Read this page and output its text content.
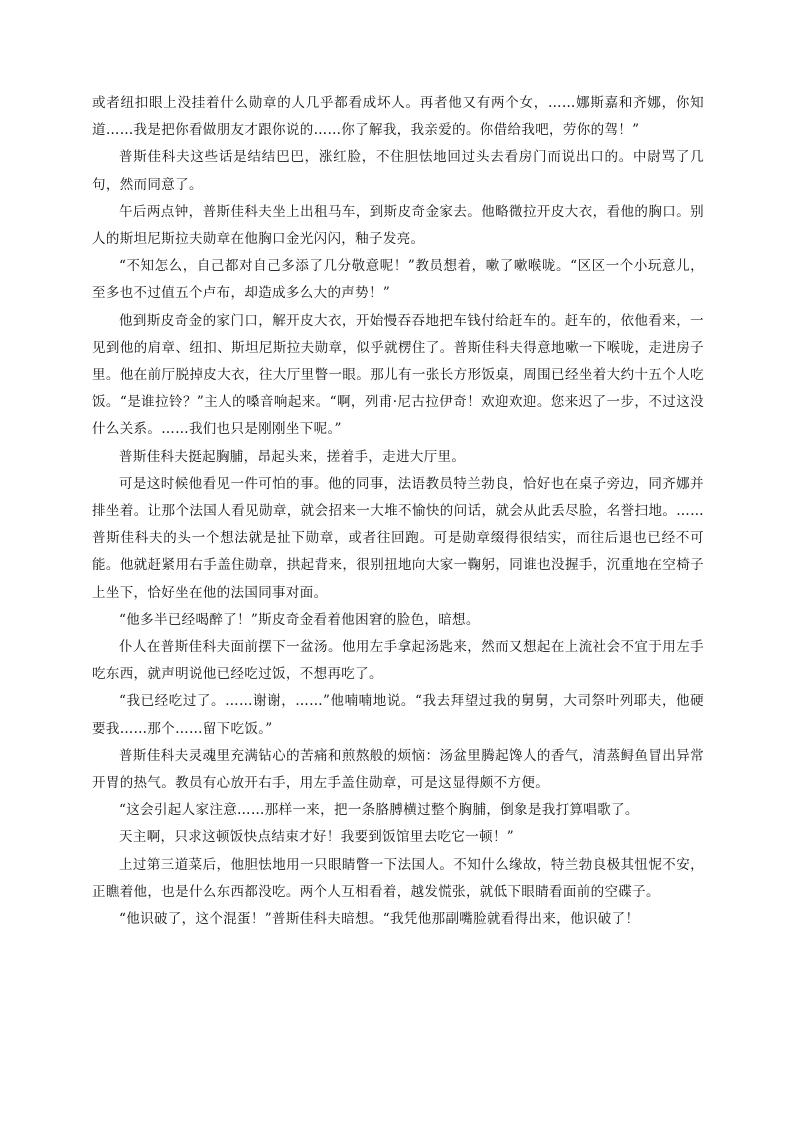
或者纽扣眼上没挂着什么勋章的人几乎都看成坏人。再者他又有两个女，……娜斯嘉和齐娜，你知道……我是把你看做朋友才跟你说的……你了解我，我亲爱的。你借给我吧，劳你的驾！”

普斯佳科夫这些话是结结巴巴，涨红脸，不住胆怯地回过头去看房门而说出口的。中尉骂了几句，然而同意了。

午后两点钟，普斯佳科夫坐上出租马车，到斯皮奇金家去。他略微拉开皮大衣，看他的胸口。别人的斯坦尼斯拉夫勋章在他胸口金光闪闪，釉子发亮。

“不知怎么，自己都对自己多添了几分敬意呢！”教员想着，嗽了嗽喉咙。“区区一个小玩意儿，至多也不过值五个卢布，却造成多么大的声势！”

他到斯皮奇金的家门口，解开皮大衣，开始慢吞吞地把车钱付给赶车的。赶车的，依他看来，一见到他的肩章、纽扣、斯坦尼斯拉夫勋章，似乎就楞住了。普斯佳科夫得意地嗽一下喉咙，走进房子里。他在前厅脱掉皮大衣，往大厅里瞥一眼。那儿有一张长方形饭桌，周围已经坐着大约十五个人吃饭。“是谁拉铃？”主人的嗓音响起来。“啊，列甫·尼古拉伊奇！欢迎欢迎。您来迟了一步，不过这没什么关系。……我们也只是刚刚坐下呢。”

普斯佳科夫挺起胸脯，昂起头来，搓着手，走进大厅里。

可是这时候他看见一件可怕的事。他的同事，法语教员特兰勃良，恰好也在桌子旁边，同齐娜并排坐着。让那个法国人看见勋章，就会招来一大堆不愉快的问话，就会从此丢尽脸，名誉扫地。……普斯佳科夫的头一个想法就是扯下勋章，或者往回跑。可是勋章缀得很结实，而往后退也已经不可能。他就赶紧用右手盖住勋章，拱起背来，很别扭地向大家一鞠躬，同谁也没握手，沉重地在空椅子上坐下，恰好坐在他的法国同事对面。

“他多半已经喝醉了！”斯皮奇金看着他困窘的脸色，暗想。

仆人在普斯佳科夫面前摆下一盆汤。他用左手拿起汤匙来，然而又想起在上流社会不宜于用左手吃东西，就声明说他已经吃过饭，不想再吃了。

“我已经吃过了。……谢谢，……”他喃喃地说。“我去拜望过我的舅舅，大司祭叶列耶夫，他硬要我……那个……留下吃饭。”

普斯佳科夫灵魂里充满钻心的苦痛和煎熬般的烦恼：汤盆里腾起馋人的香气，清蒸鲟鱼冒出异常开胃的热气。教员有心放开右手，用左手盖住勋章，可是这显得颇不方便。

“这会引起人家注意……那样一来，把一条胳膊横过整个胸脯，倒象是我打算唱歌了。

天主啊，只求这顿饭快点结束才好！我要到饭馆里去吃它一顿！”

上过第三道菜后，他胆怯地用一只眼睛瞥一下法国人。不知什么缘故，特兰勃良极其忸怩不安，正瞧着他，也是什么东西都没吃。两个人互相看着，越发慌张，就低下眼睛看面前的空碟子。

“他识破了，这个混蛋！”普斯佳科夫暗想。“我凭他那副嘴脸就看得出来，他识破了！
